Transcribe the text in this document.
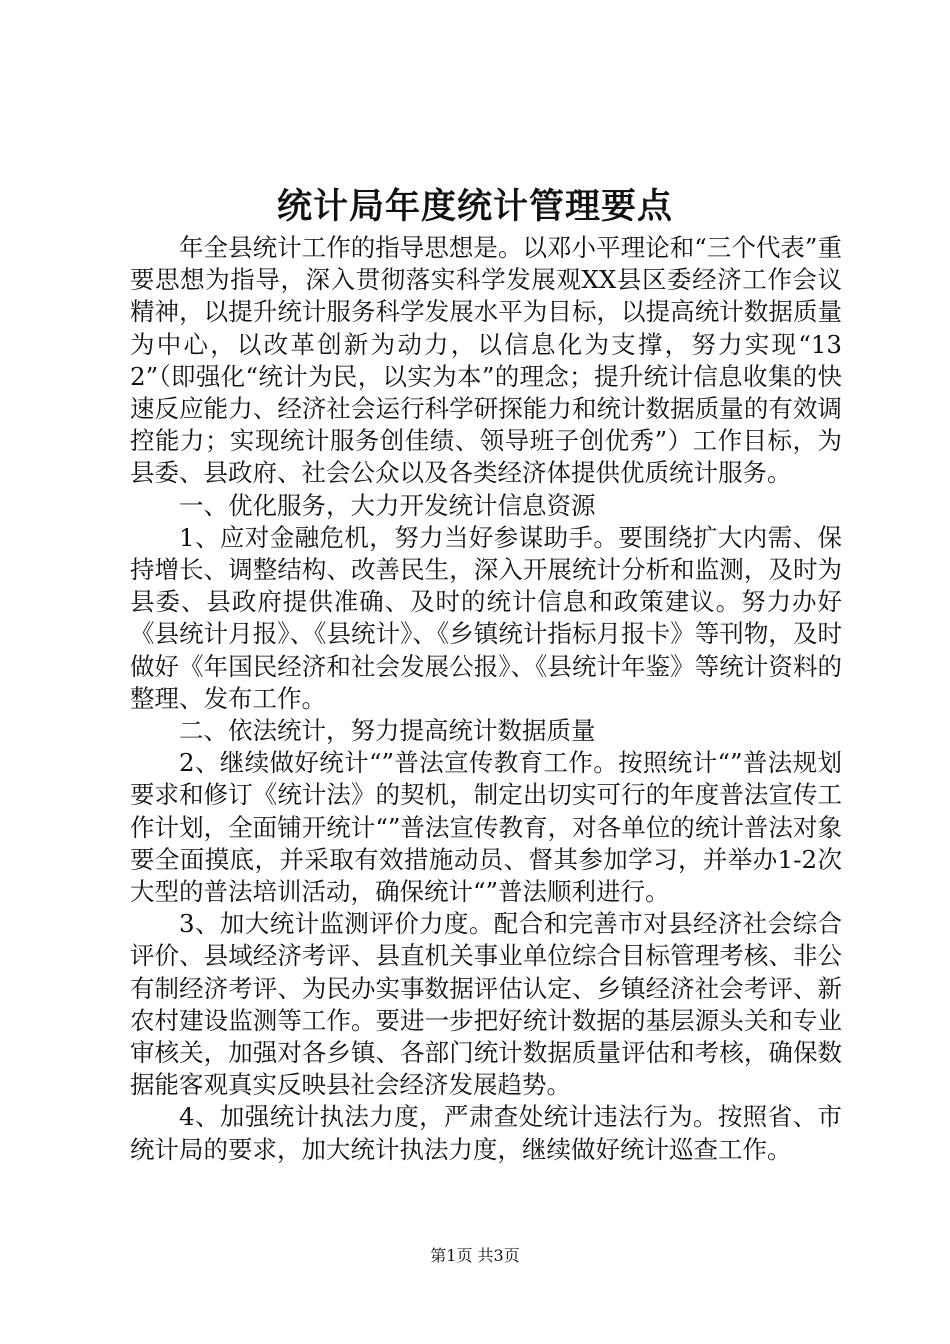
统计局年度统计管理要点

年全县统计工作的指导思想是。以邓小平理论和“三个代表”重要思想为指导，深入贯彻落实科学发展观XX县区委经济工作会议精神，以提升统计服务科学发展水平为目标，以提高统计数据质量为中心，以改革创新为动力，以信息化为支撑，努力实现“132”（即强化“统计为民，以实为本”的理念；提升统计信息收集的快速反应能力、经济社会运行科学研探能力和统计数据质量的有效调控能力；实现统计服务创佳绩、领导班子创优秀”）工作目标，为县委、县政府、社会公众以及各类经济体提供优质统计服务。

一、优化服务，大力开发统计信息资源

1、应对金融危机，努力当好参谋助手。要围绕扩大内需、保持增长、调整结构、改善民生，深入开展统计分析和监测，及时为县委、县政府提供准确、及时的统计信息和政策建议。努力办好《县统计月报》、《县统计》、《乡镇统计指标月报卡》等刊物，及时做好《年国民经济和社会发展公报》、《县统计年鉴》等统计资料的整理、发布工作。

二、依法统计，努力提高统计数据质量

2、继续做好统计“”普法宣传教育工作。按照统计“”普法规划要求和修订《统计法》的契机，制定出切实可行的年度普法宣传工作计划，全面铺开统计“”普法宣传教育，对各单位的统计普法对象要全面摸底，并采取有效措施动员、督其参加学习，并举办1-2次大型的普法培训活动，确保统计“”普法顺利进行。

3、加大统计监测评价力度。配合和完善市对县经济社会综合评价、县域经济考评、县直机关事业单位综合目标管理考核、非公有制经济考评、为民办实事数据评估认定、乡镇经济社会考评、新农村建设监测等工作。要进一步把好统计数据的基层源头关和专业审核关，加强对各乡镇、各部门统计数据质量评估和考核，确保数据能客观真实反映县社会经济发展趋势。

4、加强统计执法力度，严肃查处统计违法行为。按照省、市统计局的要求，加大统计执法力度，继续做好统计巡查工作。

第1页 共3页
